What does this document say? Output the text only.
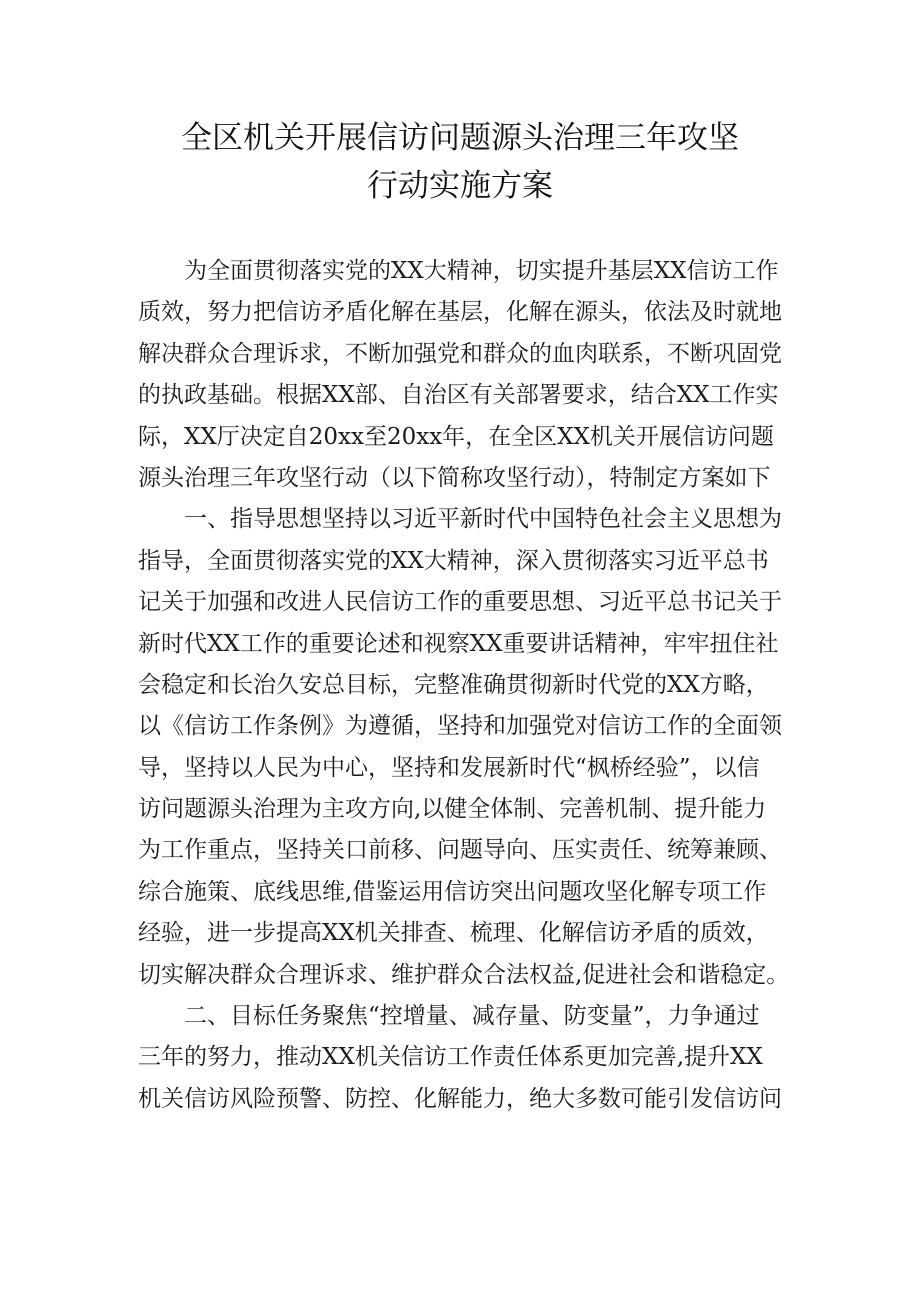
全区机关开展信访问题源头治理三年攻坚
行动实施方案
为全面贯彻落实党的XX大精神，切实提升基层XX信访工作
质效，努力把信访矛盾化解在基层，化解在源头，依法及时就地
解决群众合理诉求，不断加强党和群众的血肉联系，不断巩固党
的执政基础。根据XX部、自治区有关部署要求，结合XX工作实
际，XX厅决定自20xx至20xx年，在全区XX机关开展信访问题
源头治理三年攻坚行动（以下简称攻坚行动），特制定方案如下
一、指导思想坚持以习近平新时代中国特色社会主义思想为
指导，全面贯彻落实党的XX大精神，深入贯彻落实习近平总书
记关于加强和改进人民信访工作的重要思想、习近平总书记关于
新时代XX工作的重要论述和视察XX重要讲话精神，牢牢扭住社
会稳定和长治久安总目标，完整准确贯彻新时代党的XX方略，
以《信访工作条例》为遵循，坚持和加强党对信访工作的全面领
导，坚持以人民为中心，坚持和发展新时代“枫桥经验”，以信
访问题源头治理为主攻方向,以健全体制、完善机制、提升能力
为工作重点，坚持关口前移、问题导向、压实责任、统筹兼顾、
综合施策、底线思维,借鉴运用信访突出问题攻坚化解专项工作
经验，进一步提高XX机关排查、梳理、化解信访矛盾的质效，
切实解决群众合理诉求、维护群众合法权益,促进社会和谐稳定。
二、目标任务聚焦“控增量、减存量、防变量”，力争通过
三年的努力，推动XX机关信访工作责任体系更加完善,提升XX
机关信访风险预警、防控、化解能力，绝大多数可能引发信访问
